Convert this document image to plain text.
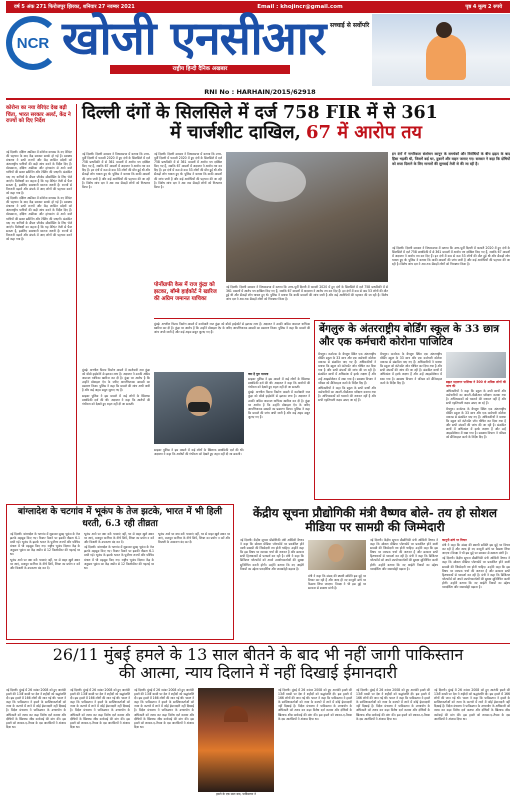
वर्ष 5 अंक 271 फिरोजपुर झिरका, शनिवार 27 नवम्बर 2021	Email : khojincr@gmail.com	पृष्ठ 4 मूल्य 2 रुपये
NCR खोजी एनसीआर
राष्ट्रीय हिन्दी दैनिक अखबार
सच्चाई से सर्वोपरि
RNI No : HARHAIN/2015/62918
कोरोना का नया वेरिएंट देख बढ़ी चिंता, भारत सरकार अलर्ट, केंद्र ने राज्यों को दिए निर्देश

नई दिल्ली। दक्षिण अफ्रीका में कोरोना वायरस के नए वेरिएंट की पहचान के बाद केंद्र सरकार सतर्क हो गई है। स्वास्थ्य मंत्रालय ने सभी राज्यों और केंद्र शासित प्रदेशों को अंतरराष्ट्रीय यात्रियों की कड़ी जांच करने के निर्देश दिए हैं। बोत्सवाना, दक्षिण अफ्रीका और हांगकांग से आने वाले यात्रियों की सख्त स्क्रीनिंग और टेस्टिंग की जाएगी। संक्रमित पाए गए यात्रियों के सैंपल जीनोम सीक्वेंसिंग के लिए भेजे जाएंगे। विशेषज्ञों का कहना है कि यह वेरिएंट तेजी से फैल सकता है, इसलिए सावधानी बरतना जरूरी है। राज्यों से निगरानी बढ़ाने और संपर्क में आए लोगों की पहचान करने को कहा गया है।

नई दिल्ली। दक्षिण अफ्रीका में कोरोना वायरस के नए वेरिएंट की पहचान के बाद केंद्र सरकार सतर्क हो गई है। स्वास्थ्य मंत्रालय ने सभी राज्यों और केंद्र शासित प्रदेशों को अंतरराष्ट्रीय यात्रियों की कड़ी जांच करने के निर्देश दिए हैं। बोत्सवाना, दक्षिण अफ्रीका और हांगकांग से आने वाले यात्रियों की सख्त स्क्रीनिंग और टेस्टिंग की जाएगी। संक्रमित पाए गए यात्रियों के सैंपल जीनोम सीक्वेंसिंग के लिए भेजे जाएंगे। विशेषज्ञों का कहना है कि यह वेरिएंट तेजी से फैल सकता है, इसलिए सावधानी बरतना जरूरी है। राज्यों से निगरानी बढ़ाने और संपर्क में आए लोगों की पहचान करने को कहा गया है।

दिल्ली दंगों के सिलसिले में दर्ज 758 FIR में से 361
में चार्जशीट दाखिल, 67 में आरोप तय

नई दिल्ली। दिल्ली सरकार ने विधानसभा में बताया कि उत्तर-पूर्वी दिल्ली में फरवरी 2020 में हुए दंगों के सिलसिले में दर्ज 758 प्राथमिकी में से 361 मामलों में आरोप पत्र दाखिल किए गए हैं, जबकि 67 मामलों में अदालत ने आरोप तय कर दिए हैं। इन दंगों में कम से कम 53 लोगों की मौत हुई थी और सैकड़ों लोग घायल हुए थे। पुलिस ने बताया कि बाकी मामलों की जांच जारी है और कई आरोपियों की पहचान की जा रही है। विशेष जांच दल ने अब तक सैकड़ों लोगों को गिरफ्तार किया है।

नई दिल्ली। दिल्ली सरकार ने विधानसभा में बताया कि उत्तर-पूर्वी दिल्ली में फरवरी 2020 में हुए दंगों के सिलसिले में दर्ज 758 प्राथमिकी में से 361 मामलों में आरोप पत्र दाखिल किए गए हैं, जबकि 67 मामलों में अदालत ने आरोप तय कर दिए हैं। इन दंगों में कम से कम 53 लोगों की मौत हुई थी और सैकड़ों लोग घायल हुए थे। पुलिस ने बताया कि बाकी मामलों की जांच जारी है और कई आरोपियों की पहचान की जा रही है। विशेष जांच दल ने अब तक सैकड़ों लोगों को गिरफ्तार किया है।

नई दिल्ली। दिल्ली सरकार ने विधानसभा में बताया कि उत्तर-पूर्वी दिल्ली में फरवरी 2020 में हुए दंगों के सिलसिले में दर्ज 758 प्राथमिकी में से 361 मामलों में आरोप पत्र दाखिल किए गए हैं, जबकि 67 मामलों में अदालत ने आरोप तय कर दिए हैं। इन दंगों में कम से कम 53 लोगों की मौत हुई थी और सैकड़ों लोग घायल हुए थे। पुलिस ने बताया कि बाकी मामलों की जांच जारी है और कई आरोपियों की पहचान की जा रही है। विशेष जांच दल ने अब तक सैकड़ों लोगों को गिरफ्तार किया है।

इन दंगों में नागरिकता संशोधन कानून के समर्थकों और विरोधियों के बीच झड़प के बाद हिंसा भड़की थी, जिसमें कई घर, दुकानें और वाहन जलाए गए। सरकार ने कहा कि दोषियों को सजा दिलाने के लिए मामलों की सुनवाई तेजी से की जा रही है।

नई दिल्ली। दिल्ली सरकार ने विधानसभा में बताया कि उत्तर-पूर्वी दिल्ली में फरवरी 2020 में हुए दंगों के सिलसिले में दर्ज 758 प्राथमिकी में से 361 मामलों में आरोप पत्र दाखिल किए गए हैं, जबकि 67 मामलों में अदालत ने आरोप तय कर दिए हैं। इन दंगों में कम से कम 53 लोगों की मौत हुई थी और सैकड़ों लोग घायल हुए थे। पुलिस ने बताया कि बाकी मामलों की जांच जारी है और कई आरोपियों की पहचान की जा रही है। विशेष जांच दल ने अब तक सैकड़ों लोगों को गिरफ्तार किया है।

पोर्नोग्राफी केस में राज कुंद्रा को झटका, बॉम्बे हाईकोर्ट ने खारिज की अग्रिम जमानत याचिका

मुंबई। अश्लील फिल्म निर्माण मामले में कारोबारी राज कुंद्रा को बॉम्बे हाईकोर्ट से झटका लगा है। अदालत ने उनकी अग्रिम जमानत याचिका खारिज कर दी है। कुंद्रा पर आरोप है कि उन्होंने मोबाइल ऐप के जरिए आपत्तिजनक सामग्री का प्रसारण किया। पुलिस ने कहा कि मामले की जांच अभी जारी है और कई अहम सबूत जुटाए गए हैं।

क्या है पूरा मामला

साइबर पुलिस ने इस मामले में कई लोगों के खिलाफ प्राथमिकी दर्ज की थी। अदालत ने कहा कि आरोपों की गंभीरता को देखते हुए राहत नहीं दी जा सकती।

मुंबई। अश्लील फिल्म निर्माण मामले में कारोबारी राज कुंद्रा को बॉम्बे हाईकोर्ट से झटका लगा है। अदालत ने उनकी अग्रिम जमानत याचिका खारिज कर दी है। कुंद्रा पर आरोप है कि उन्होंने मोबाइल ऐप के जरिए आपत्तिजनक सामग्री का प्रसारण किया। पुलिस ने कहा कि मामले की जांच अभी जारी है और कई अहम सबूत जुटाए गए हैं।

मुंबई। अश्लील फिल्म निर्माण मामले में कारोबारी राज कुंद्रा को बॉम्बे हाईकोर्ट से झटका लगा है। अदालत ने उनकी अग्रिम जमानत याचिका खारिज कर दी है। कुंद्रा पर आरोप है कि उन्होंने मोबाइल ऐप के जरिए आपत्तिजनक सामग्री का प्रसारण किया। पुलिस ने कहा कि मामले की जांच अभी जारी है और कई अहम सबूत जुटाए गए हैं।

साइबर पुलिस ने इस मामले में कई लोगों के खिलाफ प्राथमिकी दर्ज की थी। अदालत ने कहा कि आरोपों की गंभीरता को देखते हुए राहत नहीं दी जा सकती।

साइबर पुलिस ने इस मामले में कई लोगों के खिलाफ प्राथमिकी दर्ज की थी। अदालत ने कहा कि आरोपों की गंभीरता को देखते हुए राहत नहीं दी जा सकती।

बेंगलुरु के अंतरराष्ट्रीय बोर्डिंग स्कूल के 33 छात्र और एक कर्मचारी कोरोना पाजिटिव

बेंगलुरु। कर्नाटक के बेंगलुरु स्थित एक अंतरराष्ट्रीय बोर्डिंग स्कूल के 33 छात्र और एक कर्मचारी कोरोना वायरस से संक्रमित पाए गए हैं। अधिकारियों ने बताया कि स्कूल को कंटेनमेंट जोन घोषित कर दिया गया है और सभी संपर्कों की जांच की जा रही है। संक्रमित छात्रों में अधिकांश में हल्के लक्षण हैं और उन्हें आइसोलेशन में रखा गया है। स्वास्थ्य विभाग ने परिसर को सैनिटाइज करने के निर्देश दिए हैं।

अधिकारियों ने कहा कि स्कूल के सभी छात्रों और कर्मचारियों का आरटी-पीसीआर परीक्षण कराया गया है। अभिभावकों को घबराने की जरूरत नहीं है और सभी एहतियाती कदम उठाए जा रहे हैं।

बेंगलुरु। कर्नाटक के बेंगलुरु स्थित एक अंतरराष्ट्रीय बोर्डिंग स्कूल के 33 छात्र और एक कर्मचारी कोरोना वायरस से संक्रमित पाए गए हैं। अधिकारियों ने बताया कि स्कूल को कंटेनमेंट जोन घोषित कर दिया गया है और सभी संपर्कों की जांच की जा रही है। संक्रमित छात्रों में अधिकांश में हल्के लक्षण हैं और उन्हें आइसोलेशन में रखा गया है। स्वास्थ्य विभाग ने परिसर को सैनिटाइज करने के निर्देश दिए हैं।	ब्रह्मत महानगर पालिका ने 500 से अधिक लोगों की जांच की

अधिकारियों ने कहा कि स्कूल के सभी छात्रों और कर्मचारियों का आरटी-पीसीआर परीक्षण कराया गया है। अभिभावकों को घबराने की जरूरत नहीं है और सभी एहतियाती कदम उठाए जा रहे हैं।

बेंगलुरु। कर्नाटक के बेंगलुरु स्थित एक अंतरराष्ट्रीय बोर्डिंग स्कूल के 33 छात्र और एक कर्मचारी कोरोना वायरस से संक्रमित पाए गए हैं। अधिकारियों ने बताया कि स्कूल को कंटेनमेंट जोन घोषित कर दिया गया है और सभी संपर्कों की जांच की जा रही है। संक्रमित छात्रों में अधिकांश में हल्के लक्षण हैं और उन्हें आइसोलेशन में रखा गया है। स्वास्थ्य विभाग ने परिसर को सैनिटाइज करने के निर्देश दिए हैं।

बांग्लादेश के चटगांव में भूकंप के तेज झटके, भारत में भी हिली धरती, 6.3 रही तीव्रता

नई दिल्ली। बांग्लादेश के चटगांव में शुक्रवार सुबह भूकंप के तेज झटके महसूस किए गए। रिक्टर पैमाने पर इसकी तीव्रता 6.1 मापी गई। भूकंप के झटके भारत के पूर्वोत्तर राज्यों और पश्चिम बंगाल में भी महसूस किए गए। राष्ट्रीय भूकंप विज्ञान केंद्र के अनुसार भूकंप का केंद्र जमीन से 12 किलोमीटर की गहराई पर था।

भूकंप आने पर क्या करें: घबराएं नहीं, घर से बाहर खुले स्थान पर जाएं, मजबूत फर्नीचर के नीचे छिपें, लिफ्ट का प्रयोग न करें और बिजली के उपकरण बंद कर दें।

भूकंप आने पर क्या करें: घबराएं नहीं, घर से बाहर खुले स्थान पर जाएं, मजबूत फर्नीचर के नीचे छिपें, लिफ्ट का प्रयोग न करें और बिजली के उपकरण बंद कर दें।

नई दिल्ली। बांग्लादेश के चटगांव में शुक्रवार सुबह भूकंप के तेज झटके महसूस किए गए। रिक्टर पैमाने पर इसकी तीव्रता 6.1 मापी गई। भूकंप के झटके भारत के पूर्वोत्तर राज्यों और पश्चिम बंगाल में भी महसूस किए गए। राष्ट्रीय भूकंप विज्ञान केंद्र के अनुसार भूकंप का केंद्र जमीन से 12 किलोमीटर की गहराई पर था।

भूकंप आने पर क्या करें: घबराएं नहीं, घर से बाहर खुले स्थान पर जाएं, मजबूत फर्नीचर के नीचे छिपें, लिफ्ट का प्रयोग न करें और बिजली के उपकरण बंद कर दें।

केंद्रीय सूचना प्रौद्योगिकी मंत्री वैष्णव बोले- तय हो सोशल मीडिया पर सामग्री की जिम्मेदारी

नई दिल्ली। केंद्रीय सूचना प्रौद्योगिकी मंत्री अश्विनी वैष्णव ने कहा कि सोशल मीडिया प्लेटफॉर्म पर प्रकाशित होने वाली सामग्री की जिम्मेदारी तय होनी चाहिए। उन्होंने कहा कि इस विषय पर व्यापक चर्चा की जरूरत है और सरकार सभी हितधारकों से परामर्श कर रही है। मंत्री ने कहा कि डिजिटल प्लेटफॉर्म को अपने उपयोगकर्ताओं की सुरक्षा सुनिश्चित करनी होगी। उन्होंने बताया कि नए आईटी नियमों का उद्देश्य पारदर्शिता और जवाबदेही बढ़ाना है।

मंत्री ने कहा कि संसद की स्थायी समिति इस मुद्दे पर विचार कर रही है और जल्द ही नए कानूनी ढांचे पर फैसला लिया जाएगा। विपक्ष ने भी इस मुद्दे पर सरकार से स्पष्टता मांगी है।

नई दिल्ली। केंद्रीय सूचना प्रौद्योगिकी मंत्री अश्विनी वैष्णव ने कहा कि सोशल मीडिया प्लेटफॉर्म पर प्रकाशित होने वाली सामग्री की जिम्मेदारी तय होनी चाहिए। उन्होंने कहा कि इस विषय पर व्यापक चर्चा की जरूरत है और सरकार सभी हितधारकों से परामर्श कर रही है। मंत्री ने कहा कि डिजिटल प्लेटफॉर्म को अपने उपयोगकर्ताओं की सुरक्षा सुनिश्चित करनी होगी। उन्होंने बताया कि नए आईटी नियमों का उद्देश्य पारदर्शिता और जवाबदेही बढ़ाना है।

कानूनी ढांचे पर विचार

मंत्री ने कहा कि संसद की स्थायी समिति इस मुद्दे पर विचार कर रही है और जल्द ही नए कानूनी ढांचे पर फैसला लिया जाएगा। विपक्ष ने भी इस मुद्दे पर सरकार से स्पष्टता मांगी है।

नई दिल्ली। केंद्रीय सूचना प्रौद्योगिकी मंत्री अश्विनी वैष्णव ने कहा कि सोशल मीडिया प्लेटफॉर्म पर प्रकाशित होने वाली सामग्री की जिम्मेदारी तय होनी चाहिए। उन्होंने कहा कि इस विषय पर व्यापक चर्चा की जरूरत है और सरकार सभी हितधारकों से परामर्श कर रही है। मंत्री ने कहा कि डिजिटल प्लेटफॉर्म को अपने उपयोगकर्ताओं की सुरक्षा सुनिश्चित करनी होगी। उन्होंने बताया कि नए आईटी नियमों का उद्देश्य पारदर्शिता और जवाबदेही बढ़ाना है।

26/11 मुंबई हमले के 13 साल बीतने के बाद भी नहीं जागी पाकिस्तान
की आत्मा, न्याय दिलाने में नहीं दिखाई ईमानदारी

नई दिल्ली। मुंबई में 26 नवंबर 2008 को हुए आतंकी हमले की 13वीं बरसी पर देश ने शहीदों को श्रद्धांजलि दी। इस हमले में 166 लोगों की जान गई थी। भारत ने कहा कि पाकिस्तान ने हमले के साजिशकर्ताओं को न्याय के कटघरे में लाने में कोई ईमानदारी नहीं दिखाई है। विदेश मंत्रालय ने पाकिस्तान के उच्चायोग के अधिकारी को तलब कर कड़ा विरोध दर्ज कराया और दोषियों के खिलाफ शीघ्र कार्रवाई की मांग की। इस हमले को लश्कर-ए-तैयबा के दस आतंकियों ने अंजाम दिया था।

नई दिल्ली। मुंबई में 26 नवंबर 2008 को हुए आतंकी हमले की 13वीं बरसी पर देश ने शहीदों को श्रद्धांजलि दी। इस हमले में 166 लोगों की जान गई थी। भारत ने कहा कि पाकिस्तान ने हमले के साजिशकर्ताओं को न्याय के कटघरे में लाने में कोई ईमानदारी नहीं दिखाई है। विदेश मंत्रालय ने पाकिस्तान के उच्चायोग के अधिकारी को तलब कर कड़ा विरोध दर्ज कराया और दोषियों के खिलाफ शीघ्र कार्रवाई की मांग की। इस हमले को लश्कर-ए-तैयबा के दस आतंकियों ने अंजाम दिया था।

नई दिल्ली। मुंबई में 26 नवंबर 2008 को हुए आतंकी हमले की 13वीं बरसी पर देश ने शहीदों को श्रद्धांजलि दी। इस हमले में 166 लोगों की जान गई थी। भारत ने कहा कि पाकिस्तान ने हमले के साजिशकर्ताओं को न्याय के कटघरे में लाने में कोई ईमानदारी नहीं दिखाई है। विदेश मंत्रालय ने पाकिस्तान के उच्चायोग के अधिकारी को तलब कर कड़ा विरोध दर्ज कराया और दोषियों के खिलाफ शीघ्र कार्रवाई की मांग की। इस हमले को लश्कर-ए-तैयबा के दस आतंकियों ने अंजाम दिया था।

हमले के एक साल बाद, पाकिस्तान ने

नई दिल्ली। मुंबई में 26 नवंबर 2008 को हुए आतंकी हमले की 13वीं बरसी पर देश ने शहीदों को श्रद्धांजलि दी। इस हमले में 166 लोगों की जान गई थी। भारत ने कहा कि पाकिस्तान ने हमले के साजिशकर्ताओं को न्याय के कटघरे में लाने में कोई ईमानदारी नहीं दिखाई है। विदेश मंत्रालय ने पाकिस्तान के उच्चायोग के अधिकारी को तलब कर कड़ा विरोध दर्ज कराया और दोषियों के खिलाफ शीघ्र कार्रवाई की मांग की। इस हमले को लश्कर-ए-तैयबा के दस आतंकियों ने अंजाम दिया था।

नई दिल्ली। मुंबई में 26 नवंबर 2008 को हुए आतंकी हमले की 13वीं बरसी पर देश ने शहीदों को श्रद्धांजलि दी। इस हमले में 166 लोगों की जान गई थी। भारत ने कहा कि पाकिस्तान ने हमले के साजिशकर्ताओं को न्याय के कटघरे में लाने में कोई ईमानदारी नहीं दिखाई है। विदेश मंत्रालय ने पाकिस्तान के उच्चायोग के अधिकारी को तलब कर कड़ा विरोध दर्ज कराया और दोषियों के खिलाफ शीघ्र कार्रवाई की मांग की। इस हमले को लश्कर-ए-तैयबा के दस आतंकियों ने अंजाम दिया था।

नई दिल्ली। मुंबई में 26 नवंबर 2008 को हुए आतंकी हमले की 13वीं बरसी पर देश ने शहीदों को श्रद्धांजलि दी। इस हमले में 166 लोगों की जान गई थी। भारत ने कहा कि पाकिस्तान ने हमले के साजिशकर्ताओं को न्याय के कटघरे में लाने में कोई ईमानदारी नहीं दिखाई है। विदेश मंत्रालय ने पाकिस्तान के उच्चायोग के अधिकारी को तलब कर कड़ा विरोध दर्ज कराया और दोषियों के खिलाफ शीघ्र कार्रवाई की मांग की। इस हमले को लश्कर-ए-तैयबा के दस आतंकियों ने अंजाम दिया था।
